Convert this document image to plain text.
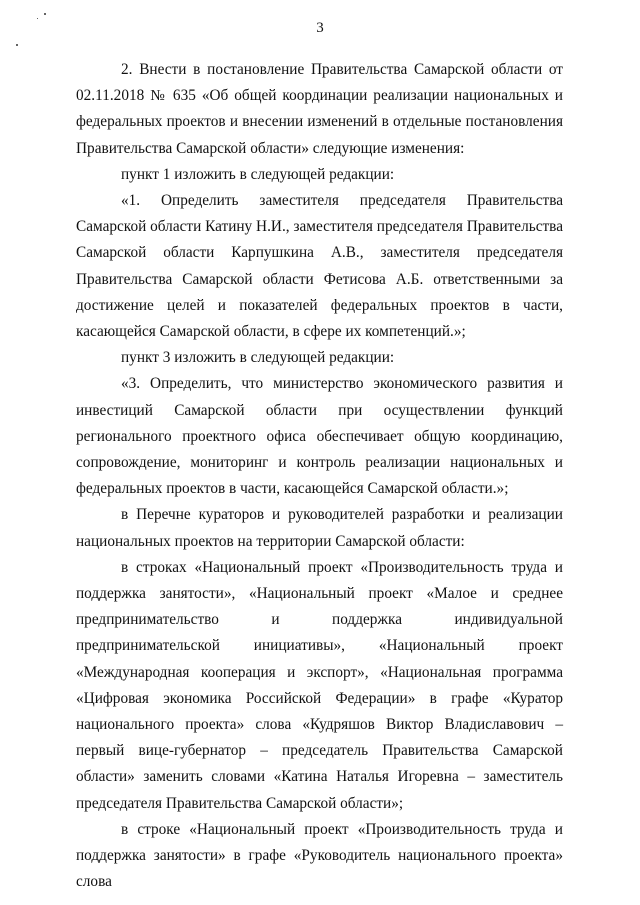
3

2. Внести в постановление Правительства Самарской области от 02.11.2018 № 635 «Об общей координации реализации национальных и федеральных проектов и внесении изменений в отдельные постановления Правительства Самарской области» следующие изменения:

пункт 1 изложить в следующей редакции:

«1. Определить заместителя председателя Правительства Самарской области Катину Н.И., заместителя председателя Правительства Самарской области Карпушкина А.В., заместителя председателя Правительства Самарской области Фетисова А.Б. ответственными за достижение целей и показателей федеральных проектов в части, касающейся Самарской области, в сфере их компетенций.»;

пункт 3 изложить в следующей редакции:

«3. Определить, что министерство экономического развития и инвестиций Самарской области при осуществлении функций регионального проектного офиса обеспечивает общую координацию, сопровождение, мониторинг и контроль реализации национальных и федеральных проектов в части, касающейся Самарской области.»;

в Перечне кураторов и руководителей разработки и реализации национальных проектов на территории Самарской области:

в строках «Национальный проект «Производительность труда и поддержка занятости», «Национальный проект «Малое и среднее предпринимательство и поддержка индивидуальной предпринимательской инициативы», «Национальный проект «Международная кооперация и экспорт», «Национальная программа «Цифровая экономика Российской Федерации» в графе «Куратор национального проекта» слова «Кудряшов Виктор Владиславович – первый вице-губернатор – председатель Правительства Самарской области» заменить словами «Катина Наталья Игоревна – заместитель председателя Правительства Самарской области»;

в строке «Национальный проект «Производительность труда и поддержка занятости» в графе «Руководитель национального проекта» слова
